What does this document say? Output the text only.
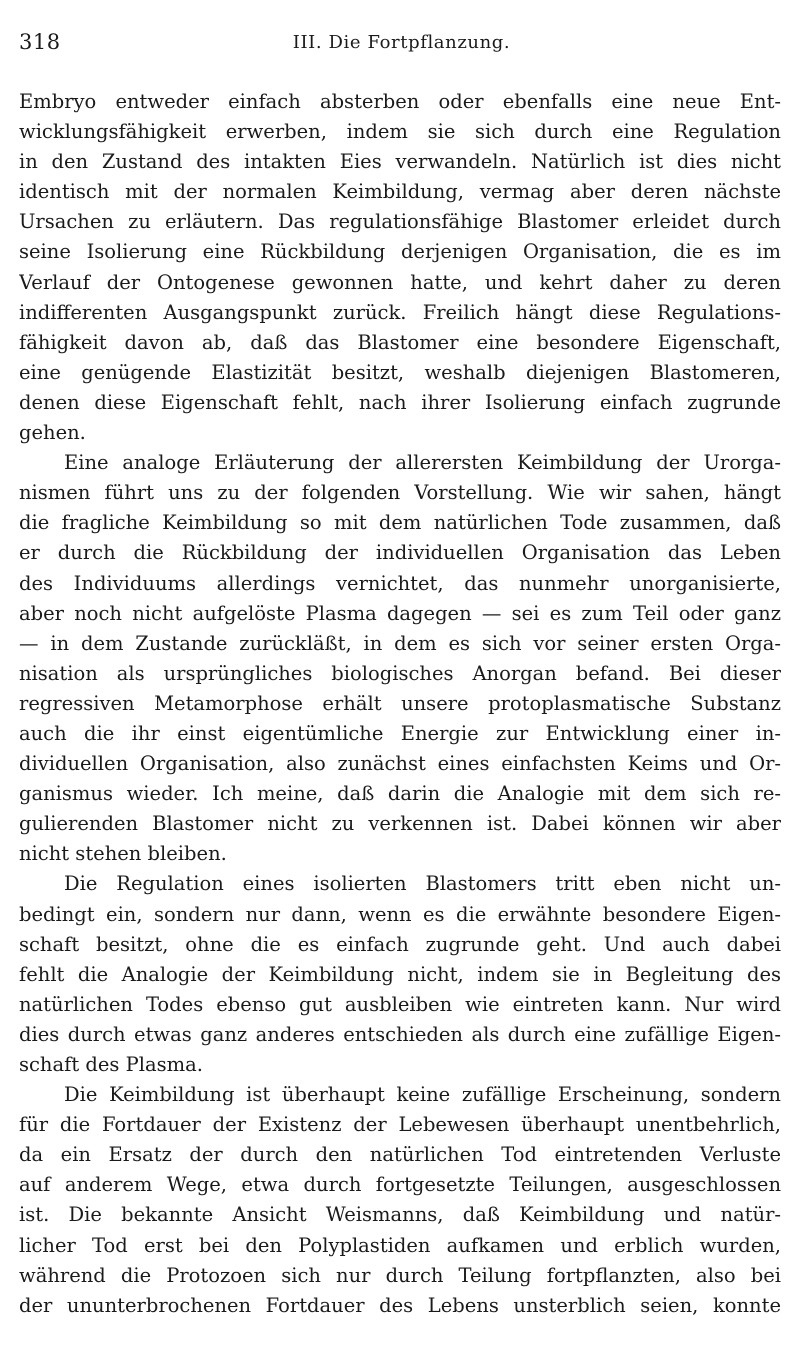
318	III. Die Fortpflanzung.
Embryo entweder einfach absterben oder ebenfalls eine neue Ent-
wicklungsfähigkeit erwerben, indem sie sich durch eine Regulation
in den Zustand des intakten Eies verwandeln. Natürlich ist dies nicht
identisch mit der normalen Keimbildung, vermag aber deren nächste
Ursachen zu erläutern. Das regulationsfähige Blastomer erleidet durch
seine Isolierung eine Rückbildung derjenigen Organisation, die es im
Verlauf der Ontogenese gewonnen hatte, und kehrt daher zu deren
indifferenten Ausgangspunkt zurück. Freilich hängt diese Regulations-
fähigkeit davon ab, daß das Blastomer eine besondere Eigenschaft,
eine genügende Elastizität besitzt, weshalb diejenigen Blastomeren,
denen diese Eigenschaft fehlt, nach ihrer Isolierung einfach zugrunde
gehen.
Eine analoge Erläuterung der allerersten Keimbildung der Urorga-
nismen führt uns zu der folgenden Vorstellung. Wie wir sahen, hängt
die fragliche Keimbildung so mit dem natürlichen Tode zusammen, daß
er durch die Rückbildung der individuellen Organisation das Leben
des Individuums allerdings vernichtet, das nunmehr unorganisierte,
aber noch nicht aufgelöste Plasma dagegen — sei es zum Teil oder ganz
— in dem Zustande zurückläßt, in dem es sich vor seiner ersten Orga-
nisation als ursprüngliches biologisches Anorgan befand. Bei dieser
regressiven Metamorphose erhält unsere protoplasmatische Substanz
auch die ihr einst eigentümliche Energie zur Entwicklung einer in-
dividuellen Organisation, also zunächst eines einfachsten Keims und Or-
ganismus wieder. Ich meine, daß darin die Analogie mit dem sich re-
gulierenden Blastomer nicht zu verkennen ist. Dabei können wir aber
nicht stehen bleiben.
Die Regulation eines isolierten Blastomers tritt eben nicht un-
bedingt ein, sondern nur dann, wenn es die erwähnte besondere Eigen-
schaft besitzt, ohne die es einfach zugrunde geht. Und auch dabei
fehlt die Analogie der Keimbildung nicht, indem sie in Begleitung des
natürlichen Todes ebenso gut ausbleiben wie eintreten kann. Nur wird
dies durch etwas ganz anderes entschieden als durch eine zufällige Eigen-
schaft des Plasma.
Die Keimbildung ist überhaupt keine zufällige Erscheinung, sondern
für die Fortdauer der Existenz der Lebewesen überhaupt unentbehrlich,
da ein Ersatz der durch den natürlichen Tod eintretenden Verluste
auf anderem Wege, etwa durch fortgesetzte Teilungen, ausgeschlossen
ist. Die bekannte Ansicht Weismanns, daß Keimbildung und natür-
licher Tod erst bei den Polyplastiden aufkamen und erblich wurden,
während die Protozoen sich nur durch Teilung fortpflanzten, also bei
der ununterbrochenen Fortdauer des Lebens unsterblich seien, konnte
